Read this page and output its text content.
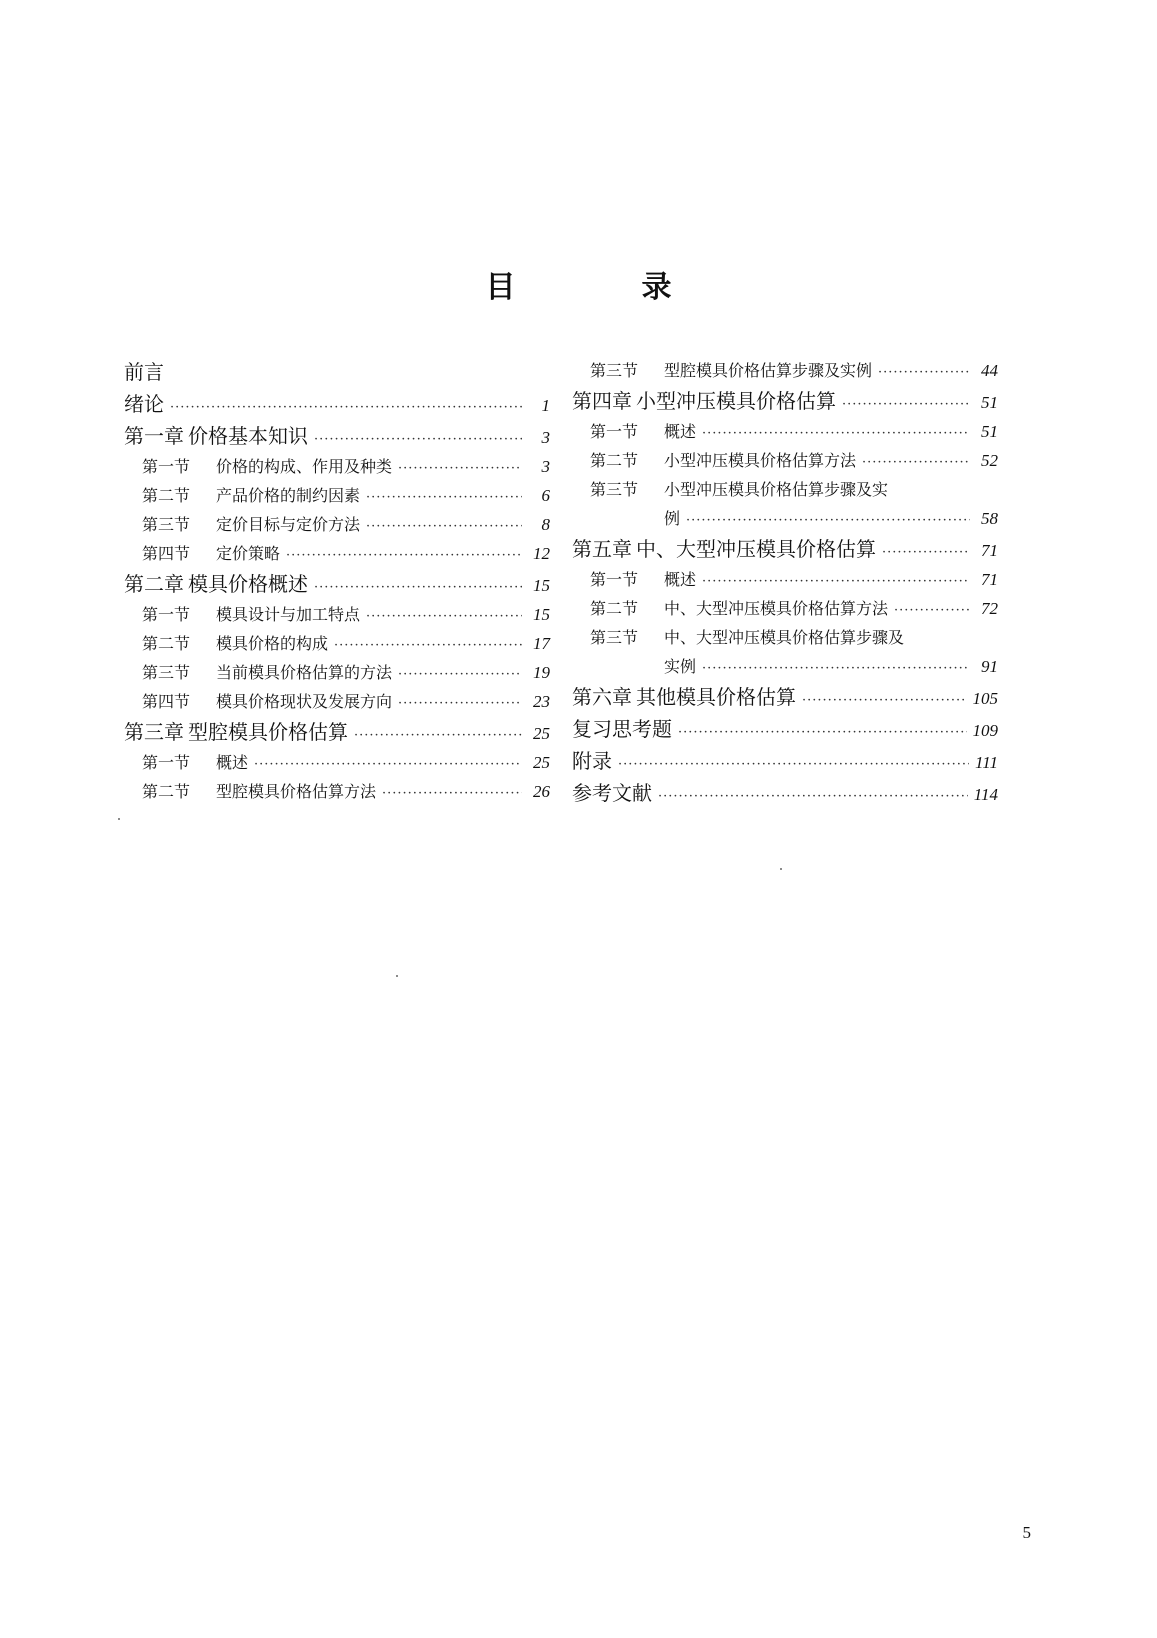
目　录
前言
绪论 ·····	1
第一章 价格基本知识 ·····	3
第一节	价格的构成、作用及种类 ·····	3
第二节	产品价格的制约因素 ·····	6
第三节	定价目标与定价方法 ·····	8
第四节	定价策略 ·····	12
第二章 模具价格概述 ·····	15
第一节	模具设计与加工特点 ·····	15
第二节	模具价格的构成 ·····	17
第三节	当前模具价格估算的方法 ·····	19
第四节	模具价格现状及发展方向 ·····	23
第三章 型腔模具价格估算 ·····	25
第一节	概述 ·····	25
第二节	型腔模具价格估算方法 ·····	26
第三节	型腔模具价格估算步骤及实例 ·····	44
第四章 小型冲压模具价格估算 ·····	51
第一节	概述 ·····	51
第二节	小型冲压模具价格估算方法 ·····	52
第三节	小型冲压模具价格估算步骤及实
例 ·····	58
第五章 中、大型冲压模具价格估算 ·····	71
第一节	概述 ·····	71
第二节	中、大型冲压模具价格估算方法 ·····	72
第三节	中、大型冲压模具价格估算步骤及
实例 ·····	91
第六章 其他模具价格估算 ·····	105
复习思考题 ·····	109
附录 ·····	111
参考文献 ·····	114
5
